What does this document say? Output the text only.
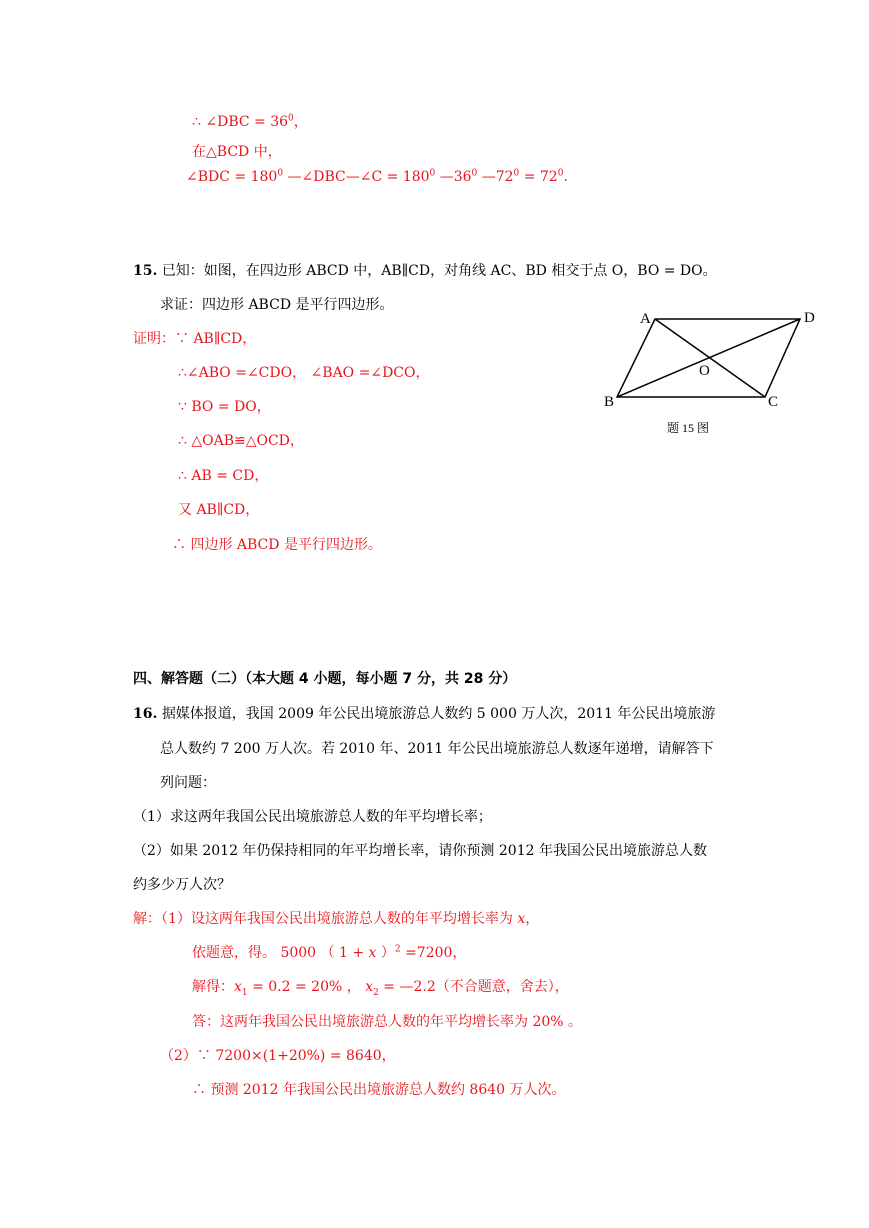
∴ ∠DBC = $36^0$，
在△BCD 中，
∠BDC = $180^0$ —∠DBC—∠C = $180^0$ $—36^0$ $—72^0 = 72^0$.
15. 已知：如图，在四边形 ABCD 中，AB∥CD，对角线 AC、BD 相交于点 O，BO = DO。
求证：四边形 ABCD 是平行四边形。
证明：∵ AB∥CD，
∴∠ABO =∠CDO， ∠BAO =∠DCO，
∵ BO = DO，
∴ △OAB≌△OCD，
∴ AB = CD，
又 AB∥CD，
∴ 四边形 ABCD 是平行四边形。
A	D
B	C
O
题 15 图
四、解答题（二）（本大题 4 小题，每小题 7 分，共 28 分）
16. 据媒体报道，我国 2009 年公民出境旅游总人数约 5 000 万人次，2011 年公民出境旅游
总人数约 7 200 万人次。若 2010 年、2011 年公民出境旅游总人数逐年递增，请解答下
列问题：
（1）求这两年我国公民出境旅游总人数的年平均增长率；
（2）如果 2012 年仍保持相同的年平均增长率，请你预测 2012 年我国公民出境旅游总人数
约多少万人次？
解：（1）设这两年我国公民出境旅游总人数的年平均增长率为 x，
依题意，得。 5000 （ 1 + x ）$^2$ =7200，
解得：$x_1 = 0.2 = 20\%$ ， $x_2$ = —2.2（不合题意，舍去），
答：这两年我国公民出境旅游总人数的年平均增长率为 20% 。
（2）∵ 7200×(1+20%) = 8640，
∴ 预测 2012 年我国公民出境旅游总人数约 8640 万人次。
